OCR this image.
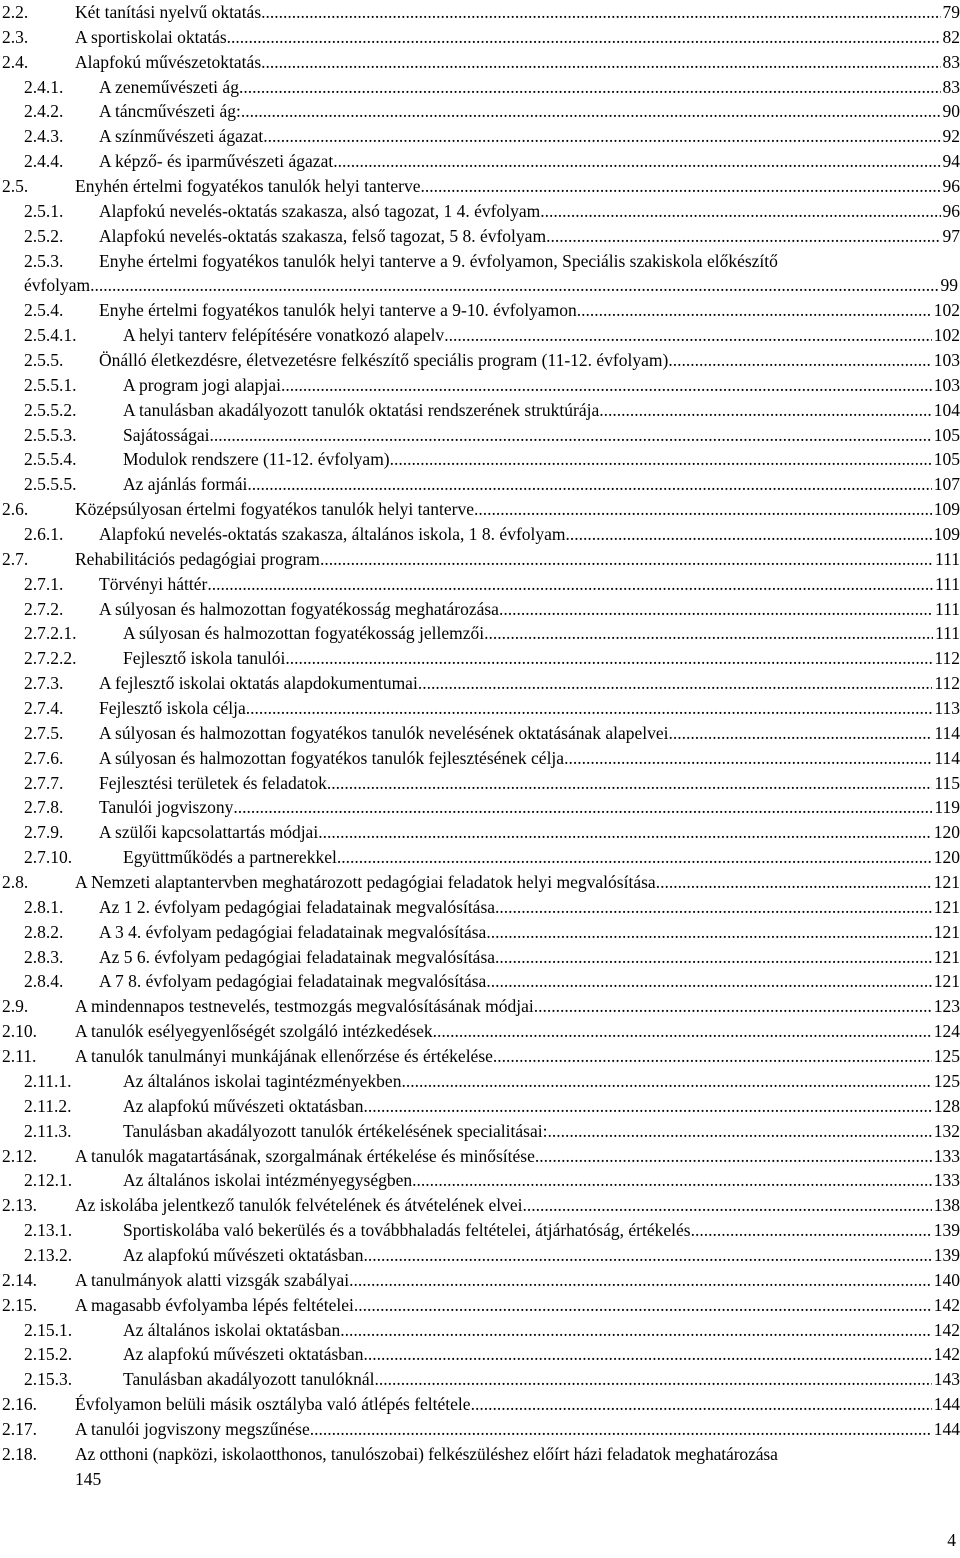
2.2.	Két tanítási nyelvű oktatás .....	79
2.3.	A sportiskolai oktatás .....	82
2.4.	Alapfokú művészetoktatás .....	83
2.4.1. A zeneművészeti ág .....	83
2.4.2. A táncművészeti ág: .....	90
2.4.3. A színművészeti ágazat .....	92
2.4.4. A képző- és iparművészeti ágazat .....	94
2.5.	Enyhén értelmi fogyatékos tanulók helyi tanterve .....	96
2.5.1. Alapfokú nevelés-oktatás szakasza, alsó tagozat, 1 4. évfolyam .....	96
2.5.2. Alapfokú nevelés-oktatás szakasza, felső tagozat, 5 8. évfolyam .....	97
2.5.3.	Enyhe értelmi fogyatékos tanulók helyi tanterve a 9. évfolyamon, Speciális szakiskola előkészítő
évfolyam .....	99
2.5.4. Enyhe értelmi fogyatékos tanulók helyi tanterve a 9-10. évfolyamon .....	102
2.5.4.1.	A helyi tanterv felépítésére vonatkozó alapelv .....	102
2.5.5. Önálló életkezdésre, életvezetésre felkészítő speciális program (11-12. évfolyam) .....	103
2.5.5.1.	A program jogi alapjai .....	103
2.5.5.2.	A tanulásban akadályozott tanulók oktatási rendszerének struktúrája .....	104
2.5.5.3.	Sajátosságai .....	105
2.5.5.4.	Modulok rendszere (11-12. évfolyam) .....	105
2.5.5.5.	Az ajánlás formái .....	107
2.6.	Középsúlyosan értelmi fogyatékos tanulók helyi tanterve .....	109
2.6.1. Alapfokú nevelés-oktatás szakasza, általános iskola, 1 8. évfolyam .....	109
2.7.	Rehabilitációs pedagógiai program .....	111
2.7.1. Törvényi háttér .....	111
2.7.2. A súlyosan és halmozottan fogyatékosság meghatározása .....	111
2.7.2.1.	A súlyosan és halmozottan fogyatékosság jellemzői .....	111
2.7.2.2.	Fejlesztő iskola tanulói .....	112
2.7.3. A fejlesztő iskolai oktatás alapdokumentumai .....	112
2.7.4. Fejlesztő iskola célja .....	113
2.7.5. A súlyosan és halmozottan fogyatékos tanulók nevelésének oktatásának alapelvei .....	114
2.7.6. A súlyosan és halmozottan fogyatékos tanulók fejlesztésének célja .....	114
2.7.7. Fejlesztési területek és feladatok .....	115
2.7.8. Tanulói jogviszony .....	119
2.7.9. A szülői kapcsolattartás módjai .....	120
2.7.10.	Együttműködés a partnerekkel .....	120
2.8.	A Nemzeti alaptantervben meghatározott pedagógiai feladatok helyi megvalósítása .....	121
2.8.1. Az 1 2. évfolyam pedagógiai feladatainak megvalósítása .....	121
2.8.2. A 3 4. évfolyam pedagógiai feladatainak megvalósítása .....	121
2.8.3. Az 5 6. évfolyam pedagógiai feladatainak megvalósítása .....	121
2.8.4. A 7 8. évfolyam pedagógiai feladatainak megvalósítása .....	121
2.9.	A mindennapos testnevelés, testmozgás megvalósításának módjai .....	123
2.10. A tanulók esélyegyenlőségét szolgáló intézkedések .....	124
2.11. A tanulók tanulmányi munkájának ellenőrzése és értékelése .....	125
2.11.1.	Az általános iskolai tagintézményekben .....	125
2.11.2.	Az alapfokú művészeti oktatásban .....	128
2.11.3.	Tanulásban akadályozott tanulók értékelésének specialitásai: .....	132
2.12. A tanulók magatartásának, szorgalmának értékelése és minősítése .....	133
2.12.1.	Az általános iskolai intézményegységben .....	133
2.13. Az iskolába jelentkező tanulók felvételének és átvételének elvei .....	138
2.13.1.	Sportiskolába való bekerülés és a továbbhaladás feltételei, átjárhatóság, értékelés .....	139
2.13.2.	Az alapfokú művészeti oktatásban .....	139
2.14. A tanulmányok alatti vizsgák szabályai .....	140
2.15. A magasabb évfolyamba lépés feltételei .....	142
2.15.1.	Az általános iskolai oktatásban .....	142
2.15.2.	Az alapfokú művészeti oktatásban .....	142
2.15.3.	Tanulásban akadályozott tanulóknál .....	143
2.16. Évfolyamon belüli másik osztályba való átlépés feltétele .....	144
2.17. A tanulói jogviszony megszűnése .....	144
2.18. Az otthoni (napközi, iskolaotthonos, tanulószobai) felkészüléshez előírt házi feladatok meghatározása
145
4
